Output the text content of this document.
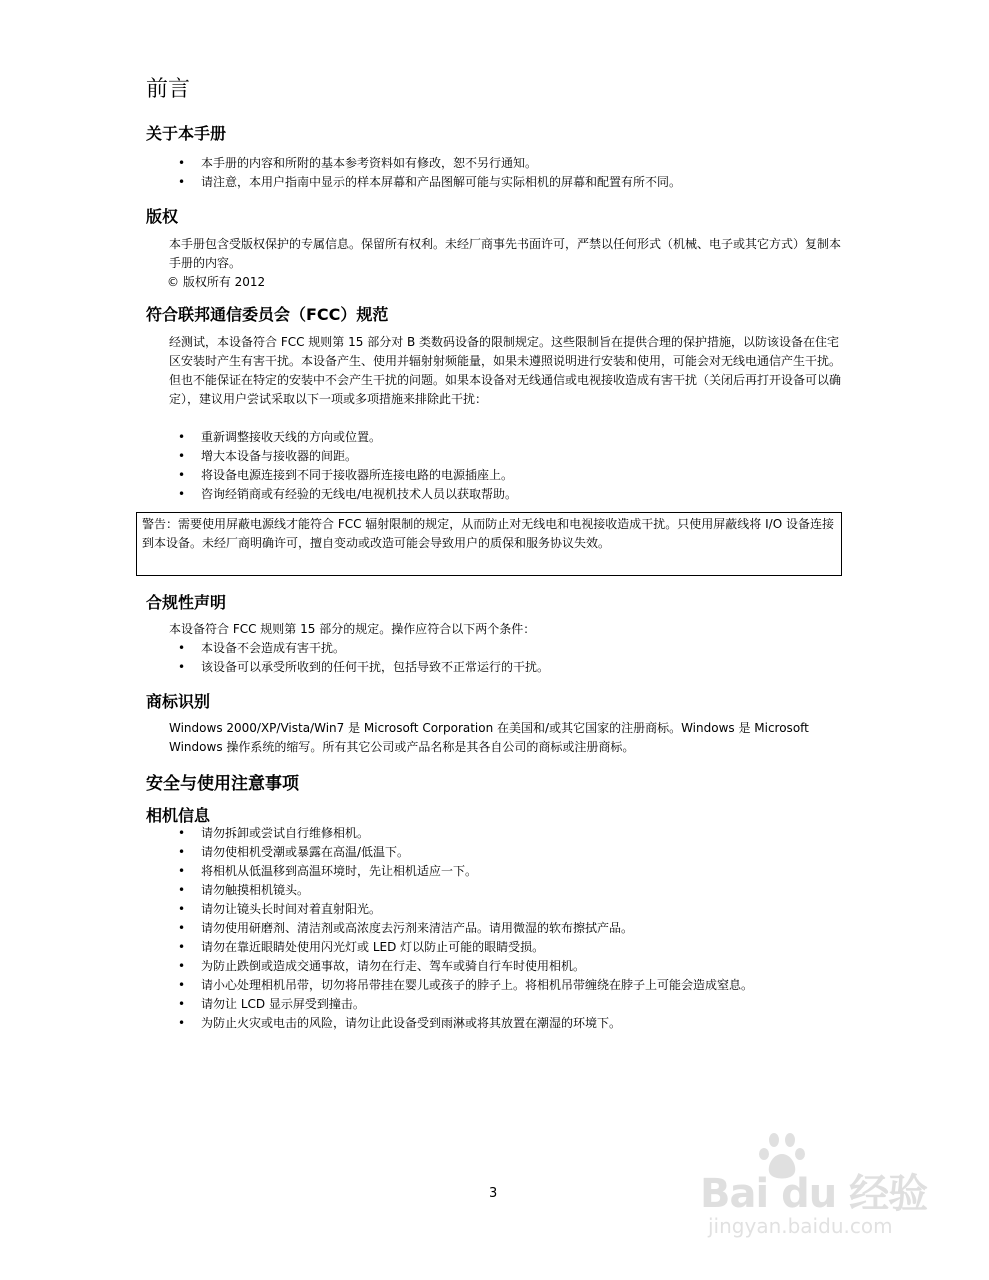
前言
关于本手册
• 本手册的内容和所附的基本参考资料如有修改，恕不另行通知。
• 请注意，本用户指南中显示的样本屏幕和产品图解可能与实际相机的屏幕和配置有所不同。
版权

本手册包含受版权保护的专属信息。保留所有权利。未经厂商事先书面许可，严禁以任何形式（机械、电子或其它方式）复制本手册的内容。

© 版权所有 2012

符合联邦通信委员会（FCC）规范

经测试，本设备符合 FCC 规则第 15 部分对 B 类数码设备的限制规定。这些限制旨在提供合理的保护措施，以防该设备在住宅区安装时产生有害干扰。本设备产生、使用并辐射射频能量，如果未遵照说明进行安装和使用，可能会对无线电通信产生干扰。但也不能保证在特定的安装中不会产生干扰的问题。如果本设备对无线通信或电视接收造成有害干扰（关闭后再打开设备可以确定），建议用户尝试采取以下一项或多项措施来排除此干扰：

• 重新调整接收天线的方向或位置。
• 增大本设备与接收器的间距。
• 将设备电源连接到不同于接收器所连接电路的电源插座上。
• 咨询经销商或有经验的无线电/电视机技术人员以获取帮助。
警告：需要使用屏蔽电源线才能符合 FCC 辐射限制的规定，从而防止对无线电和电视接收造成干扰。只使用屏蔽线将 I/O 设备连接到本设备。未经厂商明确许可，擅自变动或改造可能会导致用户的质保和服务协议失效。
合规性声明

本设备符合 FCC 规则第 15 部分的规定。操作应符合以下两个条件：

• 本设备不会造成有害干扰。
• 该设备可以承受所收到的任何干扰，包括导致不正常运行的干扰。
商标识别

Windows 2000/XP/Vista/Win7 是 Microsoft Corporation 在美国和/或其它国家的注册商标。Windows 是 Microsoft Windows 操作系统的缩写。所有其它公司或产品名称是其各自公司的商标或注册商标。

安全与使用注意事项
相机信息
• 请勿拆卸或尝试自行维修相机。
• 请勿使相机受潮或暴露在高温/低温下。
• 将相机从低温移到高温环境时，先让相机适应一下。
• 请勿触摸相机镜头。
• 请勿让镜头长时间对着直射阳光。
• 请勿使用研磨剂、清洁剂或高浓度去污剂来清洁产品。请用微湿的软布擦拭产品。
• 请勿在靠近眼睛处使用闪光灯或 LED 灯以防止可能的眼睛受损。
• 为防止跌倒或造成交通事故，请勿在行走、驾车或骑自行车时使用相机。
• 请小心处理相机吊带，切勿将吊带挂在婴儿或孩子的脖子上。将相机吊带缠绕在脖子上可能会造成窒息。
• 请勿让 LCD 显示屏受到撞击。
• 为防止火灾或电击的风险，请勿让此设备受到雨淋或将其放置在潮湿的环境下。
3	Bai du 经验
jingyan.baidu.com
